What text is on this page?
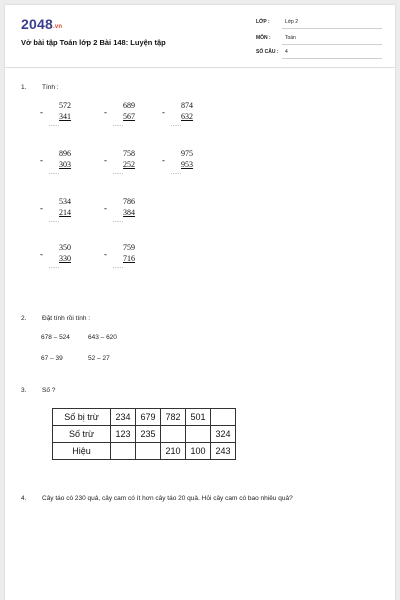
2048.vn
Vở bài tập Toán lớp 2 Bài 148: Luyện tập
LỚP :	Lớp 2
MÔN :	Toán
SỐ CÂU : 4
1. Tính :
572
-	341
......
689
-	567
......
874
-	632
......
896
-	303
......
758
-	252
......
975
-	953
......
534
-	214
......
786
-	384
......
350
-	330
......
759
-	716
......
2. Đặt tính rồi tính :
678 – 524	643 – 620
67 – 39	52 – 27
3. Số ?
Số bị trừ	234	679	782	501	
Số trừ	123	235			324
Hiệu			210	100	243
4. Cây táo có 230 quả, cây cam có ít hơn cây táo 20 quả. Hỏi cây cam có bao nhiêu quả?
